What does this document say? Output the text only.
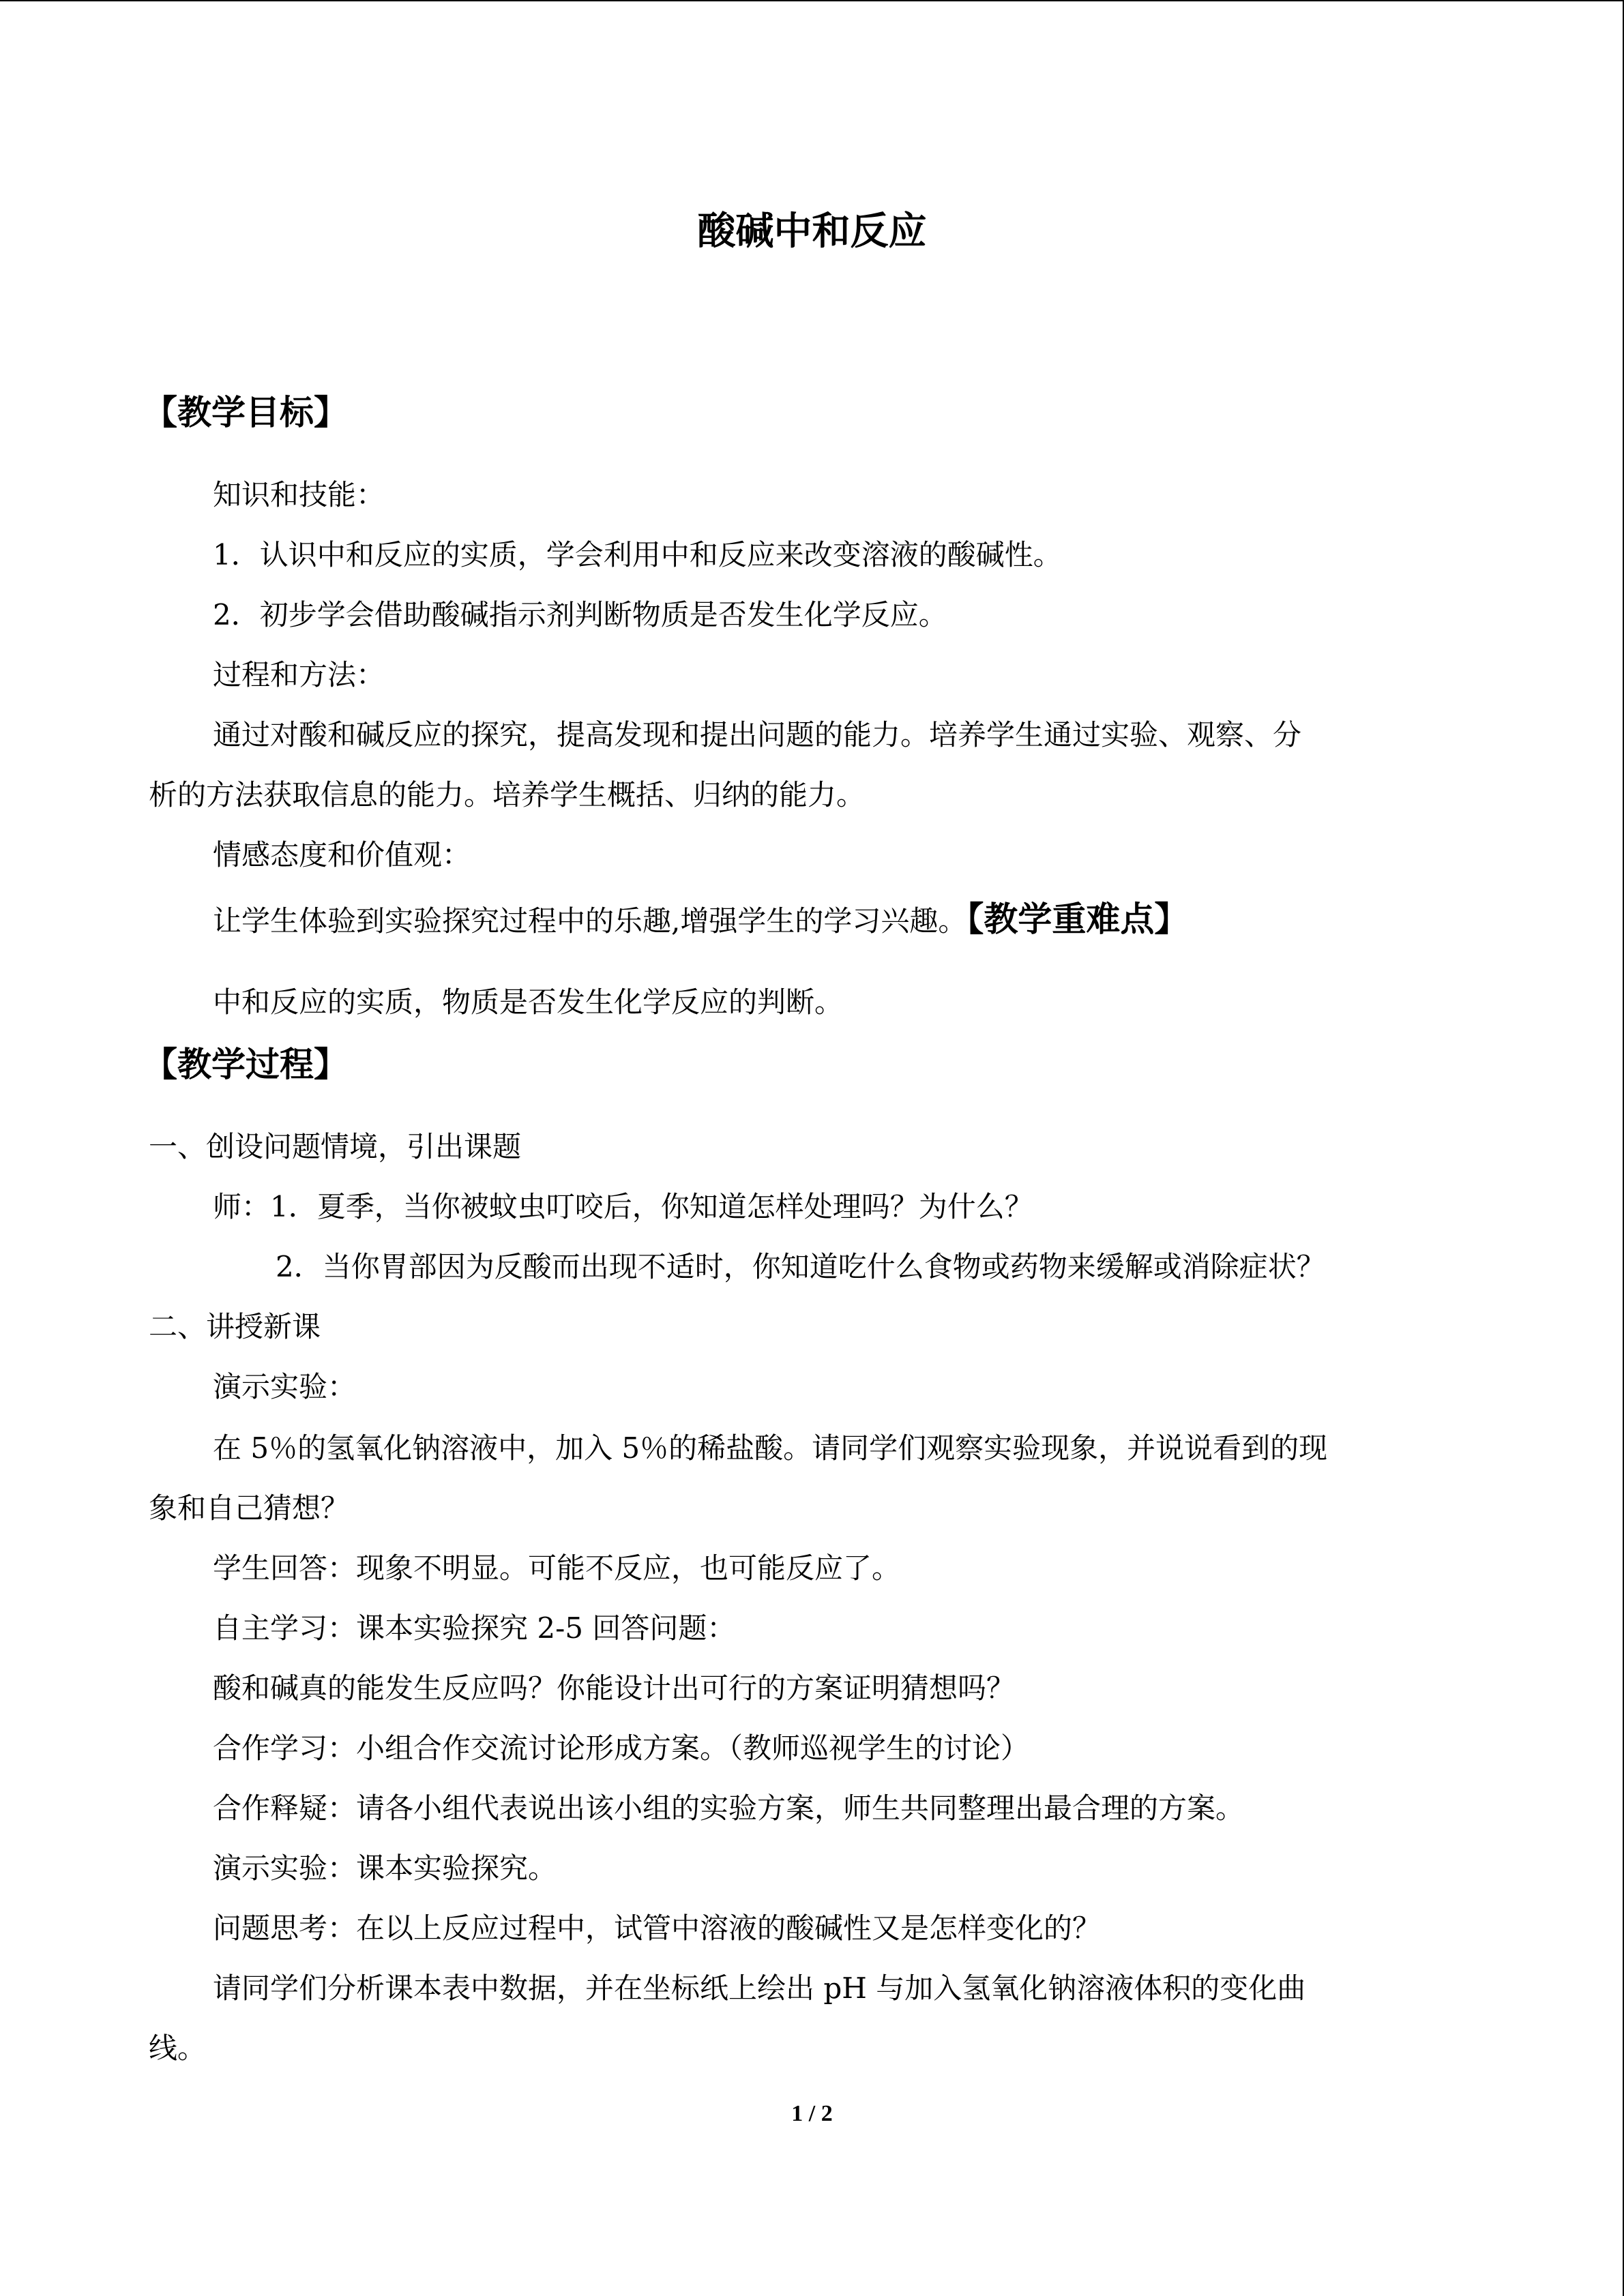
酸碱中和反应
【教学目标】
知识和技能：
1．认识中和反应的实质，学会利用中和反应来改变溶液的酸碱性。
2．初步学会借助酸碱指示剂判断物质是否发生化学反应。
过程和方法：
通过对酸和碱反应的探究，提高发现和提出问题的能力。培养学生通过实验、观察、分
析的方法获取信息的能力。培养学生概括、归纳的能力。
情感态度和价值观：
让学生体验到实验探究过程中的乐趣,增强学生的学习兴趣。【教学重难点】
中和反应的实质，物质是否发生化学反应的判断。
【教学过程】
一、创设问题情境，引出课题
师：1．夏季，当你被蚊虫叮咬后，你知道怎样处理吗？为什么？
2．当你胃部因为反酸而出现不适时，你知道吃什么食物或药物来缓解或消除症状？
二、讲授新课
演示实验：
在 5％的氢氧化钠溶液中，加入 5％的稀盐酸。请同学们观察实验现象，并说说看到的现
象和自己猜想？
学生回答：现象不明显。可能不反应，也可能反应了。
自主学习：课本实验探究 2-5 回答问题：
酸和碱真的能发生反应吗？你能设计出可行的方案证明猜想吗？
合作学习：小组合作交流讨论形成方案。（教师巡视学生的讨论）
合作释疑：请各小组代表说出该小组的实验方案，师生共同整理出最合理的方案。
演示实验：课本实验探究。
问题思考：在以上反应过程中，试管中溶液的酸碱性又是怎样变化的？
请同学们分析课本表中数据，并在坐标纸上绘出 pH 与加入氢氧化钠溶液体积的变化曲
线。
1 / 2
